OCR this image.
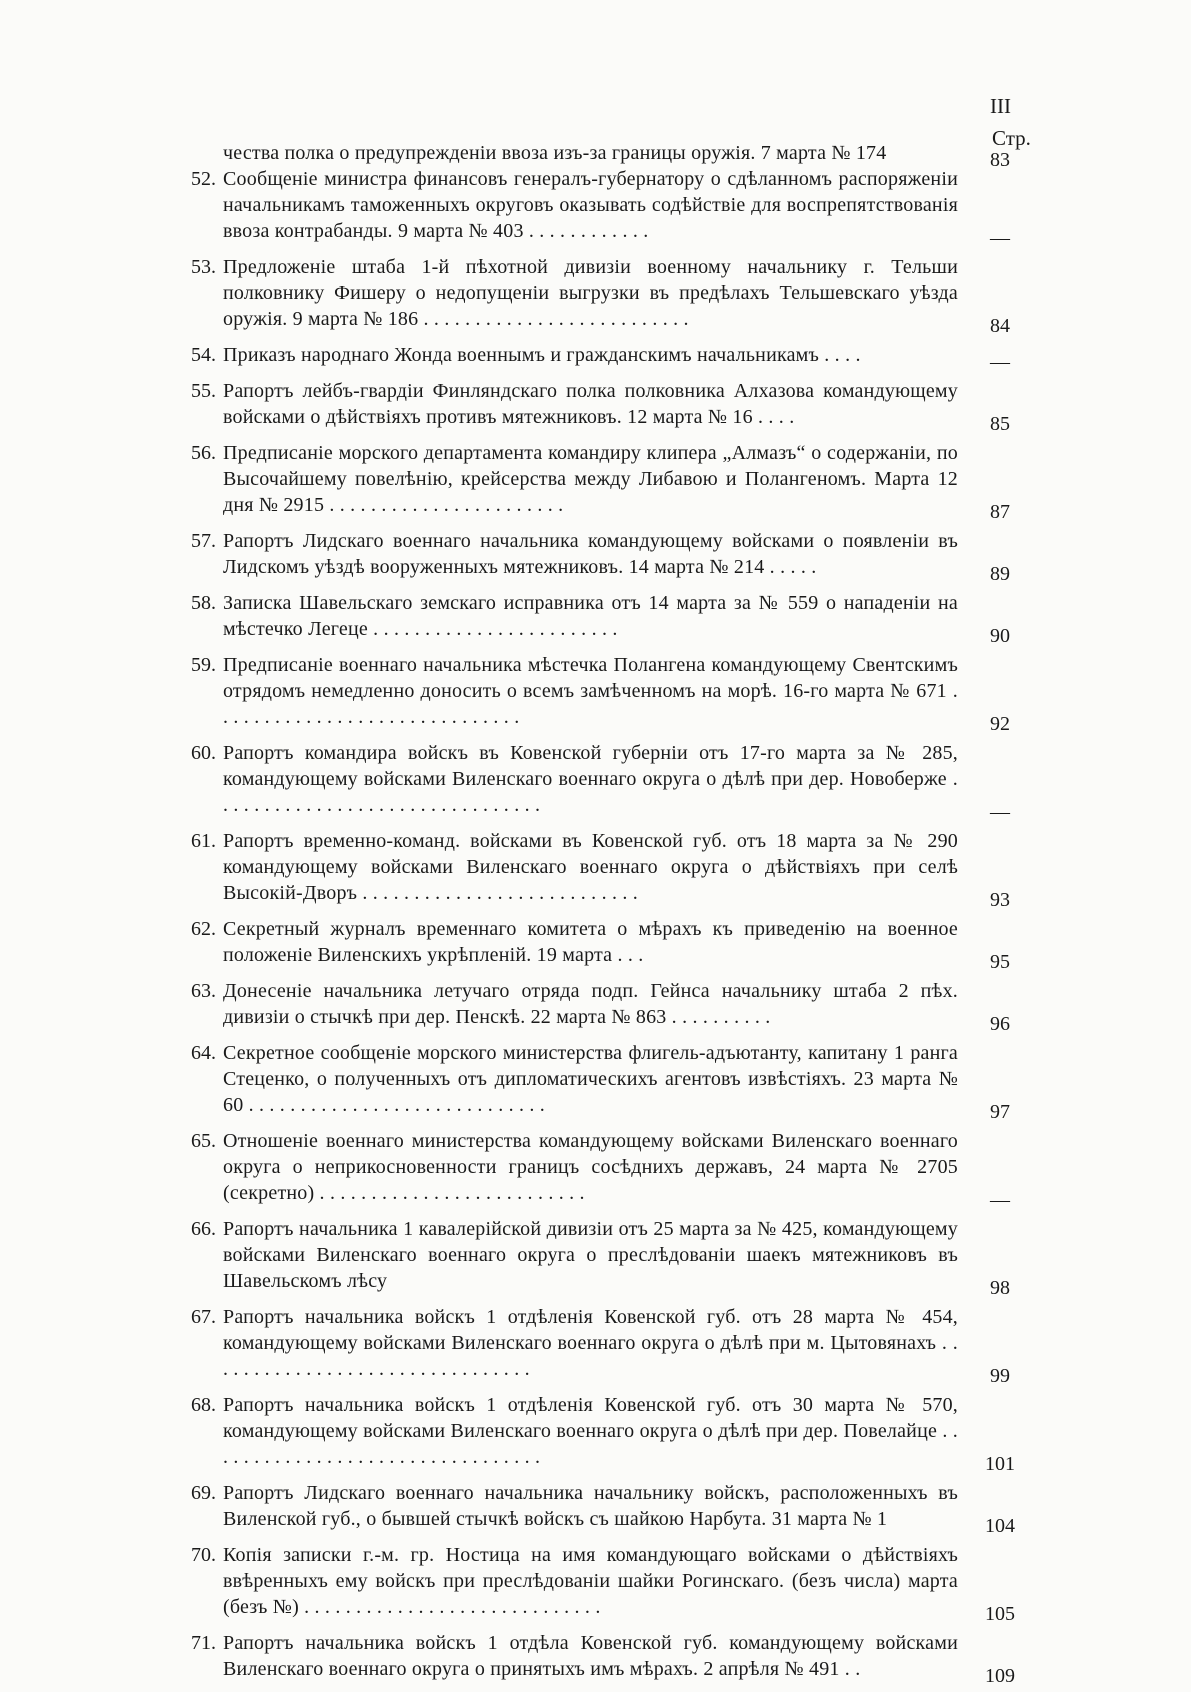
III
Стр.
чества полка о предупрежденіи ввоза изъ-за границы оружія. 7 марта № 174	83
52. Сообщеніе министра финансовъ генералъ-губернатору о сдѣланномъ распоряженіи начальникамъ таможенныхъ округовъ оказывать содѣйствіе для воспрепятствованія ввоза контрабанды. 9 марта № 403 . . . . . . . . . . . .	—
53. Предложеніе штаба 1-й пѣхотной дивизіи военному начальнику г. Тельши полковнику Фишеру о недопущеніи выгрузки въ предѣлахъ Тельшевскаго уѣзда оружія. 9 марта № 186 . . . . . . . . . . . . . . . . . . . . . . . . . .	84
54. Приказъ народнаго Жонда военнымъ и гражданскимъ начальникамъ . . . .	—
55. Рапортъ лейбъ-гвардіи Финляндскаго полка полковника Алхазова командующему войсками о дѣйствіяхъ противъ мятежниковъ. 12 марта № 16 . . . .	85
56. Предписаніе морского департамента командиру клипера „Алмазъ“ о содержаніи, по Высочайшему повелѣнію, крейсерства между Либавою и Полангеномъ. Марта 12 дня № 2915 . . . . . . . . . . . . . . . . . . . . . . .	87
57. Рапортъ Лидскаго военнаго начальника командующему войсками о появленіи въ Лидскомъ уѣздѣ вооруженныхъ мятежниковъ. 14 марта № 214 . . . . .	89
58. Записка Шавельскаго земскаго исправника отъ 14 марта за № 559 о нападеніи на мѣстечко Легеце . . . . . . . . . . . . . . . . . . . . . . . .	90
59. Предписаніе военнаго начальника мѣстечка Полангена командующему Свентскимъ отрядомъ немедленно доносить о всемъ замѣченномъ на морѣ. 16-го марта № 671 . . . . . . . . . . . . . . . . . . . . . . . . . . . . . .	92
60. Рапортъ командира войскъ въ Ковенской губерніи отъ 17-го марта за № 285, командующему войсками Виленскаго военнаго округа о дѣлѣ при дер. Новоберже . . . . . . . . . . . . . . . . . . . . . . . . . . . . . . . .	—
61. Рапортъ временно-команд. войсками въ Ковенской губ. отъ 18 марта за № 290 командующему войсками Виленскаго военнаго округа о дѣйствіяхъ при селѣ Высокій-Дворъ . . . . . . . . . . . . . . . . . . . . . . . . . . .	93
62. Секретный журналъ временнаго комитета о мѣрахъ къ приведенію на военное положеніе Виленскихъ укрѣпленій. 19 марта . . .	95
63. Донесеніе начальника летучаго отряда подп. Гейнса начальнику штаба 2 пѣх. дивизіи о стычкѣ при дер. Пенскѣ. 22 марта № 863 . . . . . . . . . .	96
64. Секретное сообщеніе морского министерства флигель-адъютанту, капитану 1 ранга Стеценко, о полученныхъ отъ дипломатическихъ агентовъ извѣстіяхъ. 23 марта № 60 . . . . . . . . . . . . . . . . . . . . . . . . . . . . .	97
65. Отношеніе военнаго министерства командующему войсками Виленскаго военнаго округа о неприкосновенности границъ сосѣднихъ державъ, 24 марта № 2705 (секретно) . . . . . . . . . . . . . . . . . . . . . . . . . .	—
66. Рапортъ начальника 1 кавалерійской дивизіи отъ 25 марта за № 425, командующему войсками Виленскаго военнаго округа о преслѣдованіи шаекъ мятежниковъ въ Шавельскомъ лѣсу	98
67. Рапортъ начальника войскъ 1 отдѣленія Ковенской губ. отъ 28 марта № 454, командующему войсками Виленскаго военнаго округа о дѣлѣ при м. Цытовянахъ . . . . . . . . . . . . . . . . . . . . . . . . . . . . . . . .	99
68. Рапортъ начальника войскъ 1 отдѣленія Ковенской губ. отъ 30 марта № 570, командующему войсками Виленскаго военнаго округа о дѣлѣ при дер. Повелайце . . . . . . . . . . . . . . . . . . . . . . . . . . . . . . . . .	101
69. Рапортъ Лидскаго военнаго начальника начальнику войскъ, расположенныхъ въ Виленской губ., о бывшей стычкѣ войскъ съ шайкою Нарбута. 31 марта № 1	104
70. Копія записки г.-м. гр. Ностица на имя командующаго войсками о дѣйствіяхъ ввѣренныхъ ему войскъ при преслѣдованіи шайки Рогинскаго. (безъ числа) марта (безъ №) . . . . . . . . . . . . . . . . . . . . . . . . . . . . .	105
71. Рапортъ начальника войскъ 1 отдѣла Ковенской губ. командующему войсками Виленскаго военнаго округа о принятыхъ имъ мѣрахъ. 2 апрѣля № 491 . .	109
